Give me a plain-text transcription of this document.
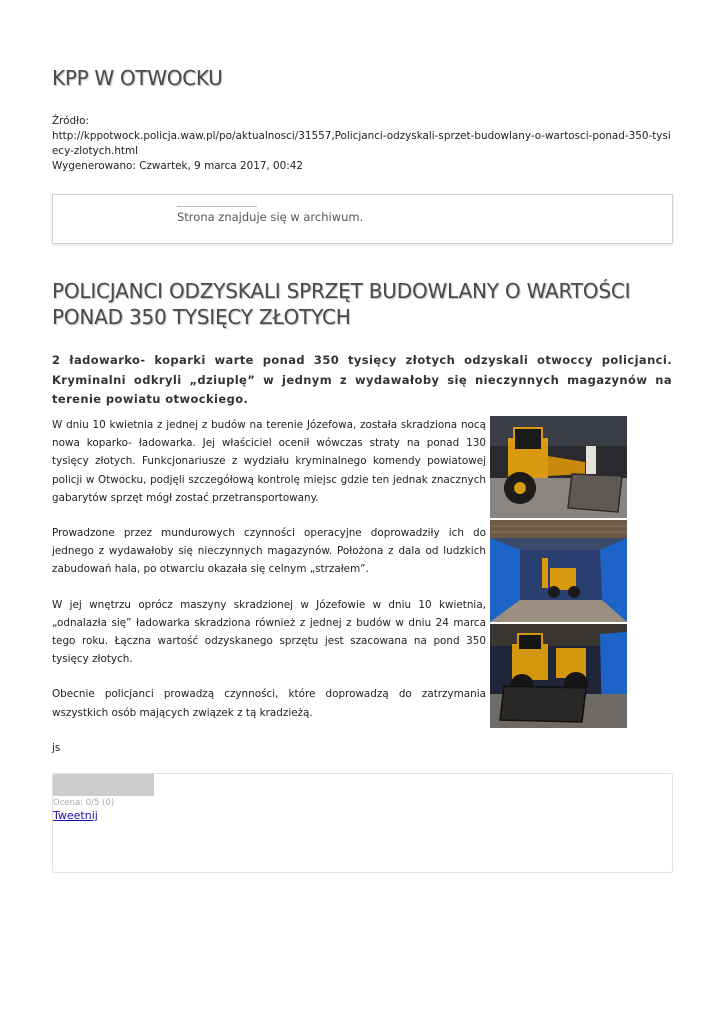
KPP W OTWOCKU
Źródło:
http://kppotwock.policja.waw.pl/po/aktualnosci/31557,Policjanci-odzyskali-sprzet-budowlany-o-wartosci-ponad-350-tysiecy-zlotych.html
Wygenerowano: Czwartek, 9 marca 2017, 00:42
Strona znajduje się w archiwum.
POLICJANCI ODZYSKALI SPRZĘT BUDOWLANY O WARTOŚCI PONAD 350 TYSIĘCY ZŁOTYCH

2 ładowarko- koparki warte ponad 350 tysięcy złotych odzyskali otwoccy policjanci. Kryminalni odkryli „dziuplę” w jednym z wydawałoby się nieczynnych magazynów na terenie powiatu otwockiego.

W dniu 10 kwietnia z jednej z budów na terenie Józefowa, została skradziona nocą nowa koparko- ładowarka. Jej właściciel ocenił wówczas straty na ponad 130 tysięcy złotych. Funkcjonariusze z wydziału kryminalnego komendy powiatowej policji w Otwocku, podjęli szczegółową kontrolę miejsc gdzie ten jednak znacznych gabarytów sprzęt mógł zostać przetransportowany.

Prowadzone przez mundurowych czynności operacyjne doprowadziły ich do jednego z wydawałoby się nieczynnych magazynów. Położona z dala od ludzkich zabudowań hala, po otwarciu okazała się celnym „strzałem”.

W jej wnętrzu oprócz maszyny skradzionej w Józefowie w dniu 10 kwietnia, „odnalazła się” ładowarka skradziona również z jednej z budów w dniu 24 marca tego roku. Łączna wartość odzyskanego sprzętu jest szacowana na pond 350 tysięcy złotych.

Obecnie policjanci prowadzą czynności, które doprowadzą do zatrzymania wszystkich osób mających związek z tą kradzieżą.

js

Ocena: 0/5 (0)
Tweetnij
